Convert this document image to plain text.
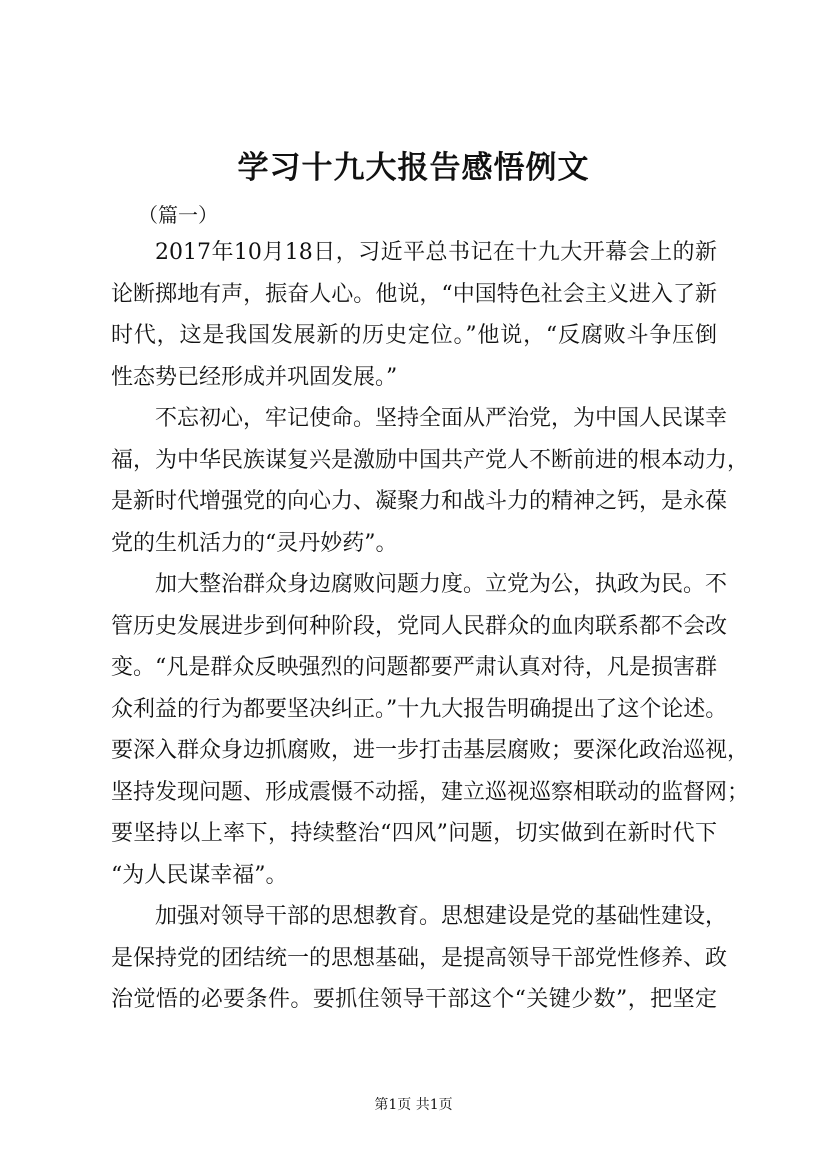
学习十九大报告感悟例文
（篇一）
2017年10月18日，习近平总书记在十九大开幕会上的新
论断掷地有声，振奋人心。他说，“中国特色社会主义进入了新
时代，这是我国发展新的历史定位。”他说，“反腐败斗争压倒
性态势已经形成并巩固发展。”
不忘初心，牢记使命。坚持全面从严治党，为中国人民谋幸
福，为中华民族谋复兴是激励中国共产党人不断前进的根本动力，
是新时代增强党的向心力、凝聚力和战斗力的精神之钙，是永葆
党的生机活力的“灵丹妙药”。
加大整治群众身边腐败问题力度。立党为公，执政为民。不
管历史发展进步到何种阶段，党同人民群众的血肉联系都不会改
变。“凡是群众反映强烈的问题都要严肃认真对待，凡是损害群
众利益的行为都要坚决纠正。”十九大报告明确提出了这个论述。
要深入群众身边抓腐败，进一步打击基层腐败；要深化政治巡视，
坚持发现问题、形成震慑不动摇，建立巡视巡察相联动的监督网；
要坚持以上率下，持续整治“四风”问题，切实做到在新时代下
“为人民谋幸福”。
加强对领导干部的思想教育。思想建设是党的基础性建设，
是保持党的团结统一的思想基础，是提高领导干部党性修养、政
治觉悟的必要条件。要抓住领导干部这个“关键少数”，把坚定
第1页 共1页
